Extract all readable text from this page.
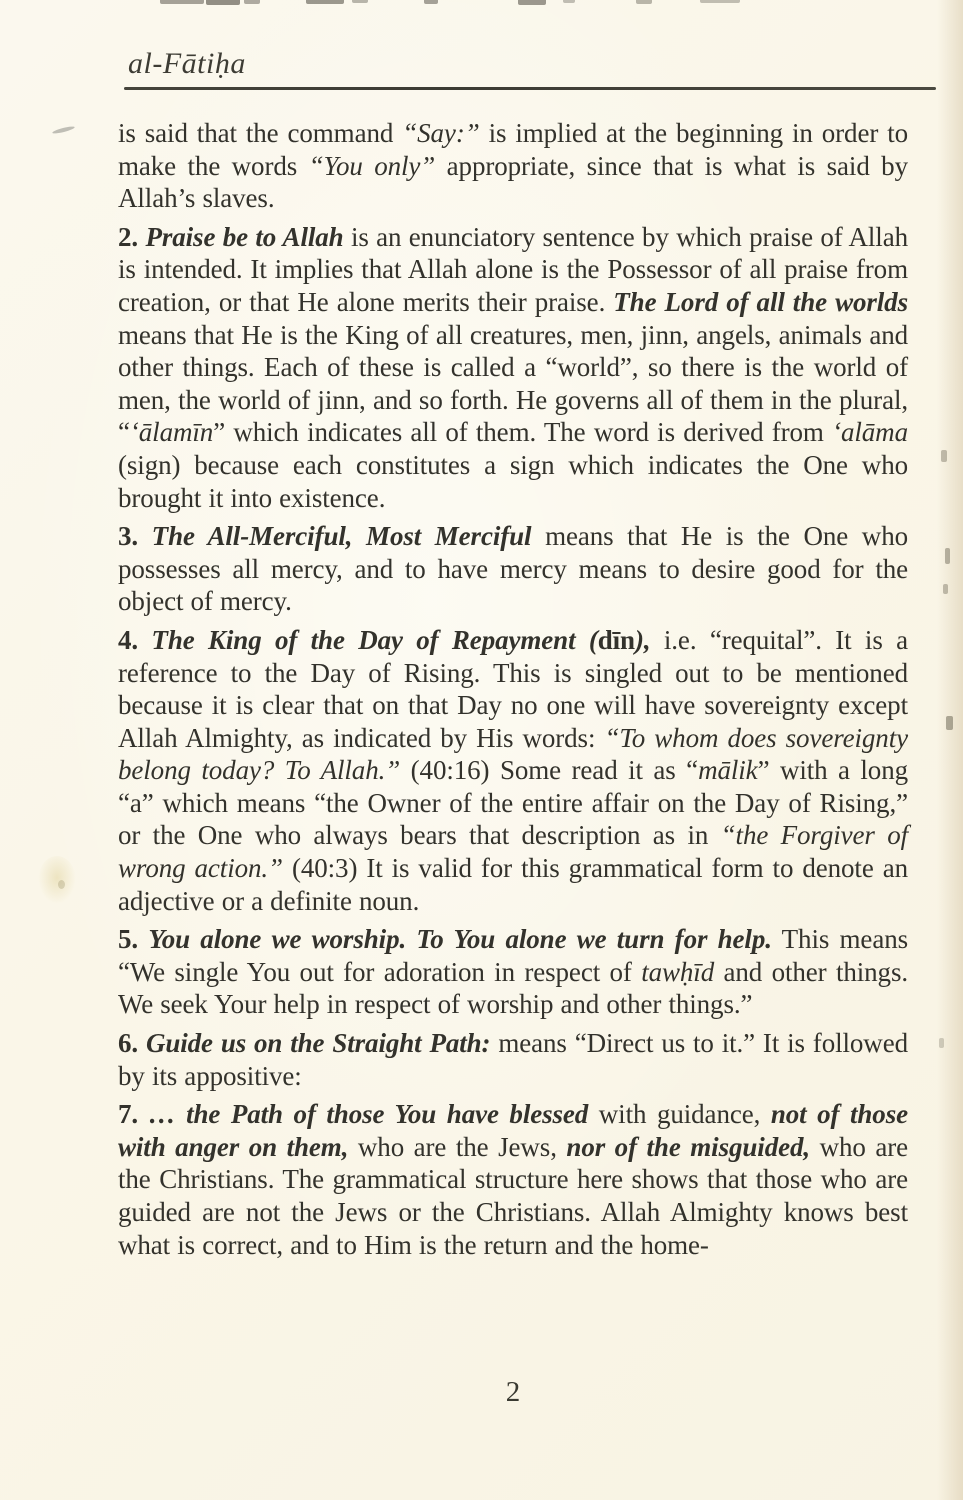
al-Fātiḥa

is said that the command “Say:” is implied at the beginning in order to make the words “You only” appropriate, since that is what is said by Allah’s slaves.

2. Praise be to Allah is an enunciatory sentence by which praise of Allah is intended. It implies that Allah alone is the Possessor of all praise from creation, or that He alone merits their praise. The Lord of all the worlds means that He is the King of all creatures, men, jinn, angels, animals and other things. Each of these is called a “world”, so there is the world of men, the world of jinn, and so forth. He governs all of them in the plural, “‘ālamīn” which indicates all of them. The word is derived from ‘alāma (sign) because each constitutes a sign which indicates the One who brought it into existence.

3. The All-Merciful, Most Merciful means that He is the One who possesses all mercy, and to have mercy means to desire good for the object of mercy.

4. The King of the Day of Repayment (dīn), i.e. “requital”. It is a reference to the Day of Rising. This is singled out to be mentioned because it is clear that on that Day no one will have sovereignty except Allah Almighty, as indicated by His words: “To whom does sovereignty belong today? To Allah.” (40:16) Some read it as “mālik” with a long “a” which means “the Owner of the entire affair on the Day of Rising,” or the One who always bears that description as in “the Forgiver of wrong action.” (40:3) It is valid for this grammatical form to denote an adjective or a definite noun.

5. You alone we worship. To You alone we turn for help. This means “We single You out for adoration in respect of tawḥīd and other things. We seek Your help in respect of worship and other things.”

6. Guide us on the Straight Path: means “Direct us to it.” It is followed by its appositive:

7. … the Path of those You have blessed with guidance, not of those with anger on them, who are the Jews, nor of the misguided, who are the Christians. The grammatical structure here shows that those who are guided are not the Jews or the Christians. Allah Almighty knows best what is correct, and to Him is the return and the home-

2
